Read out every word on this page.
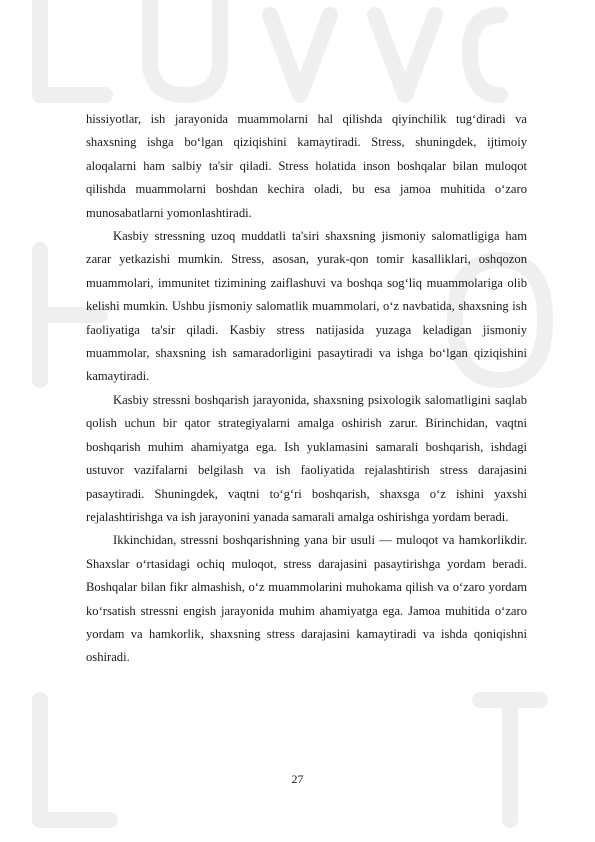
hissiyotlar, ish jarayonida muammolarni hal qilishda qiyinchilik tug‘diradi va shaxsning ishga bo‘lgan qiziqishini kamaytiradi. Stress, shuningdek, ijtimoiy aloqalarni ham salbiy ta'sir qiladi. Stress holatida inson boshqalar bilan muloqot qilishda muammolarni boshdan kechira oladi, bu esa jamoa muhitida o‘zaro munosabatlarni yomonlashtiradi.

Kasbiy stressning uzoq muddatli ta'siri shaxsning jismoniy salomatligiga ham zarar yetkazishi mumkin. Stress, asosan, yurak-qon tomir kasalliklari, oshqozon muammolari, immunitet tizimining zaiflashuvi va boshqa sog‘liq muammolariga olib kelishi mumkin. Ushbu jismoniy salomatlik muammolari, o‘z navbatida, shaxsning ish faoliyatiga ta'sir qiladi. Kasbiy stress natijasida yuzaga keladigan jismoniy muammolar, shaxsning ish samaradorligini pasaytiradi va ishga bo‘lgan qiziqishini kamaytiradi.

Kasbiy stressni boshqarish jarayonida, shaxsning psixologik salomatligini saqlab qolish uchun bir qator strategiyalarni amalga oshirish zarur. Birinchidan, vaqtni boshqarish muhim ahamiyatga ega. Ish yuklamasini samarali boshqarish, ishdagi ustuvor vazifalarni belgilash va ish faoliyatida rejalashtirish stress darajasini pasaytiradi. Shuningdek, vaqtni to‘g‘ri boshqarish, shaxsga o‘z ishini yaxshi rejalashtirishga va ish jarayonini yanada samarali amalga oshirishga yordam beradi.

Ikkinchidan, stressni boshqarishning yana bir usuli — muloqot va hamkorlikdir. Shaxslar o‘rtasidagi ochiq muloqot, stress darajasini pasaytirishga yordam beradi. Boshqalar bilan fikr almashish, o‘z muammolarini muhokama qilish va o‘zaro yordam ko‘rsatish stressni engish jarayonida muhim ahamiyatga ega. Jamoa muhitida o‘zaro yordam va hamkorlik, shaxsning stress darajasini kamaytiradi va ishda qoniqishni oshiradi.

27
